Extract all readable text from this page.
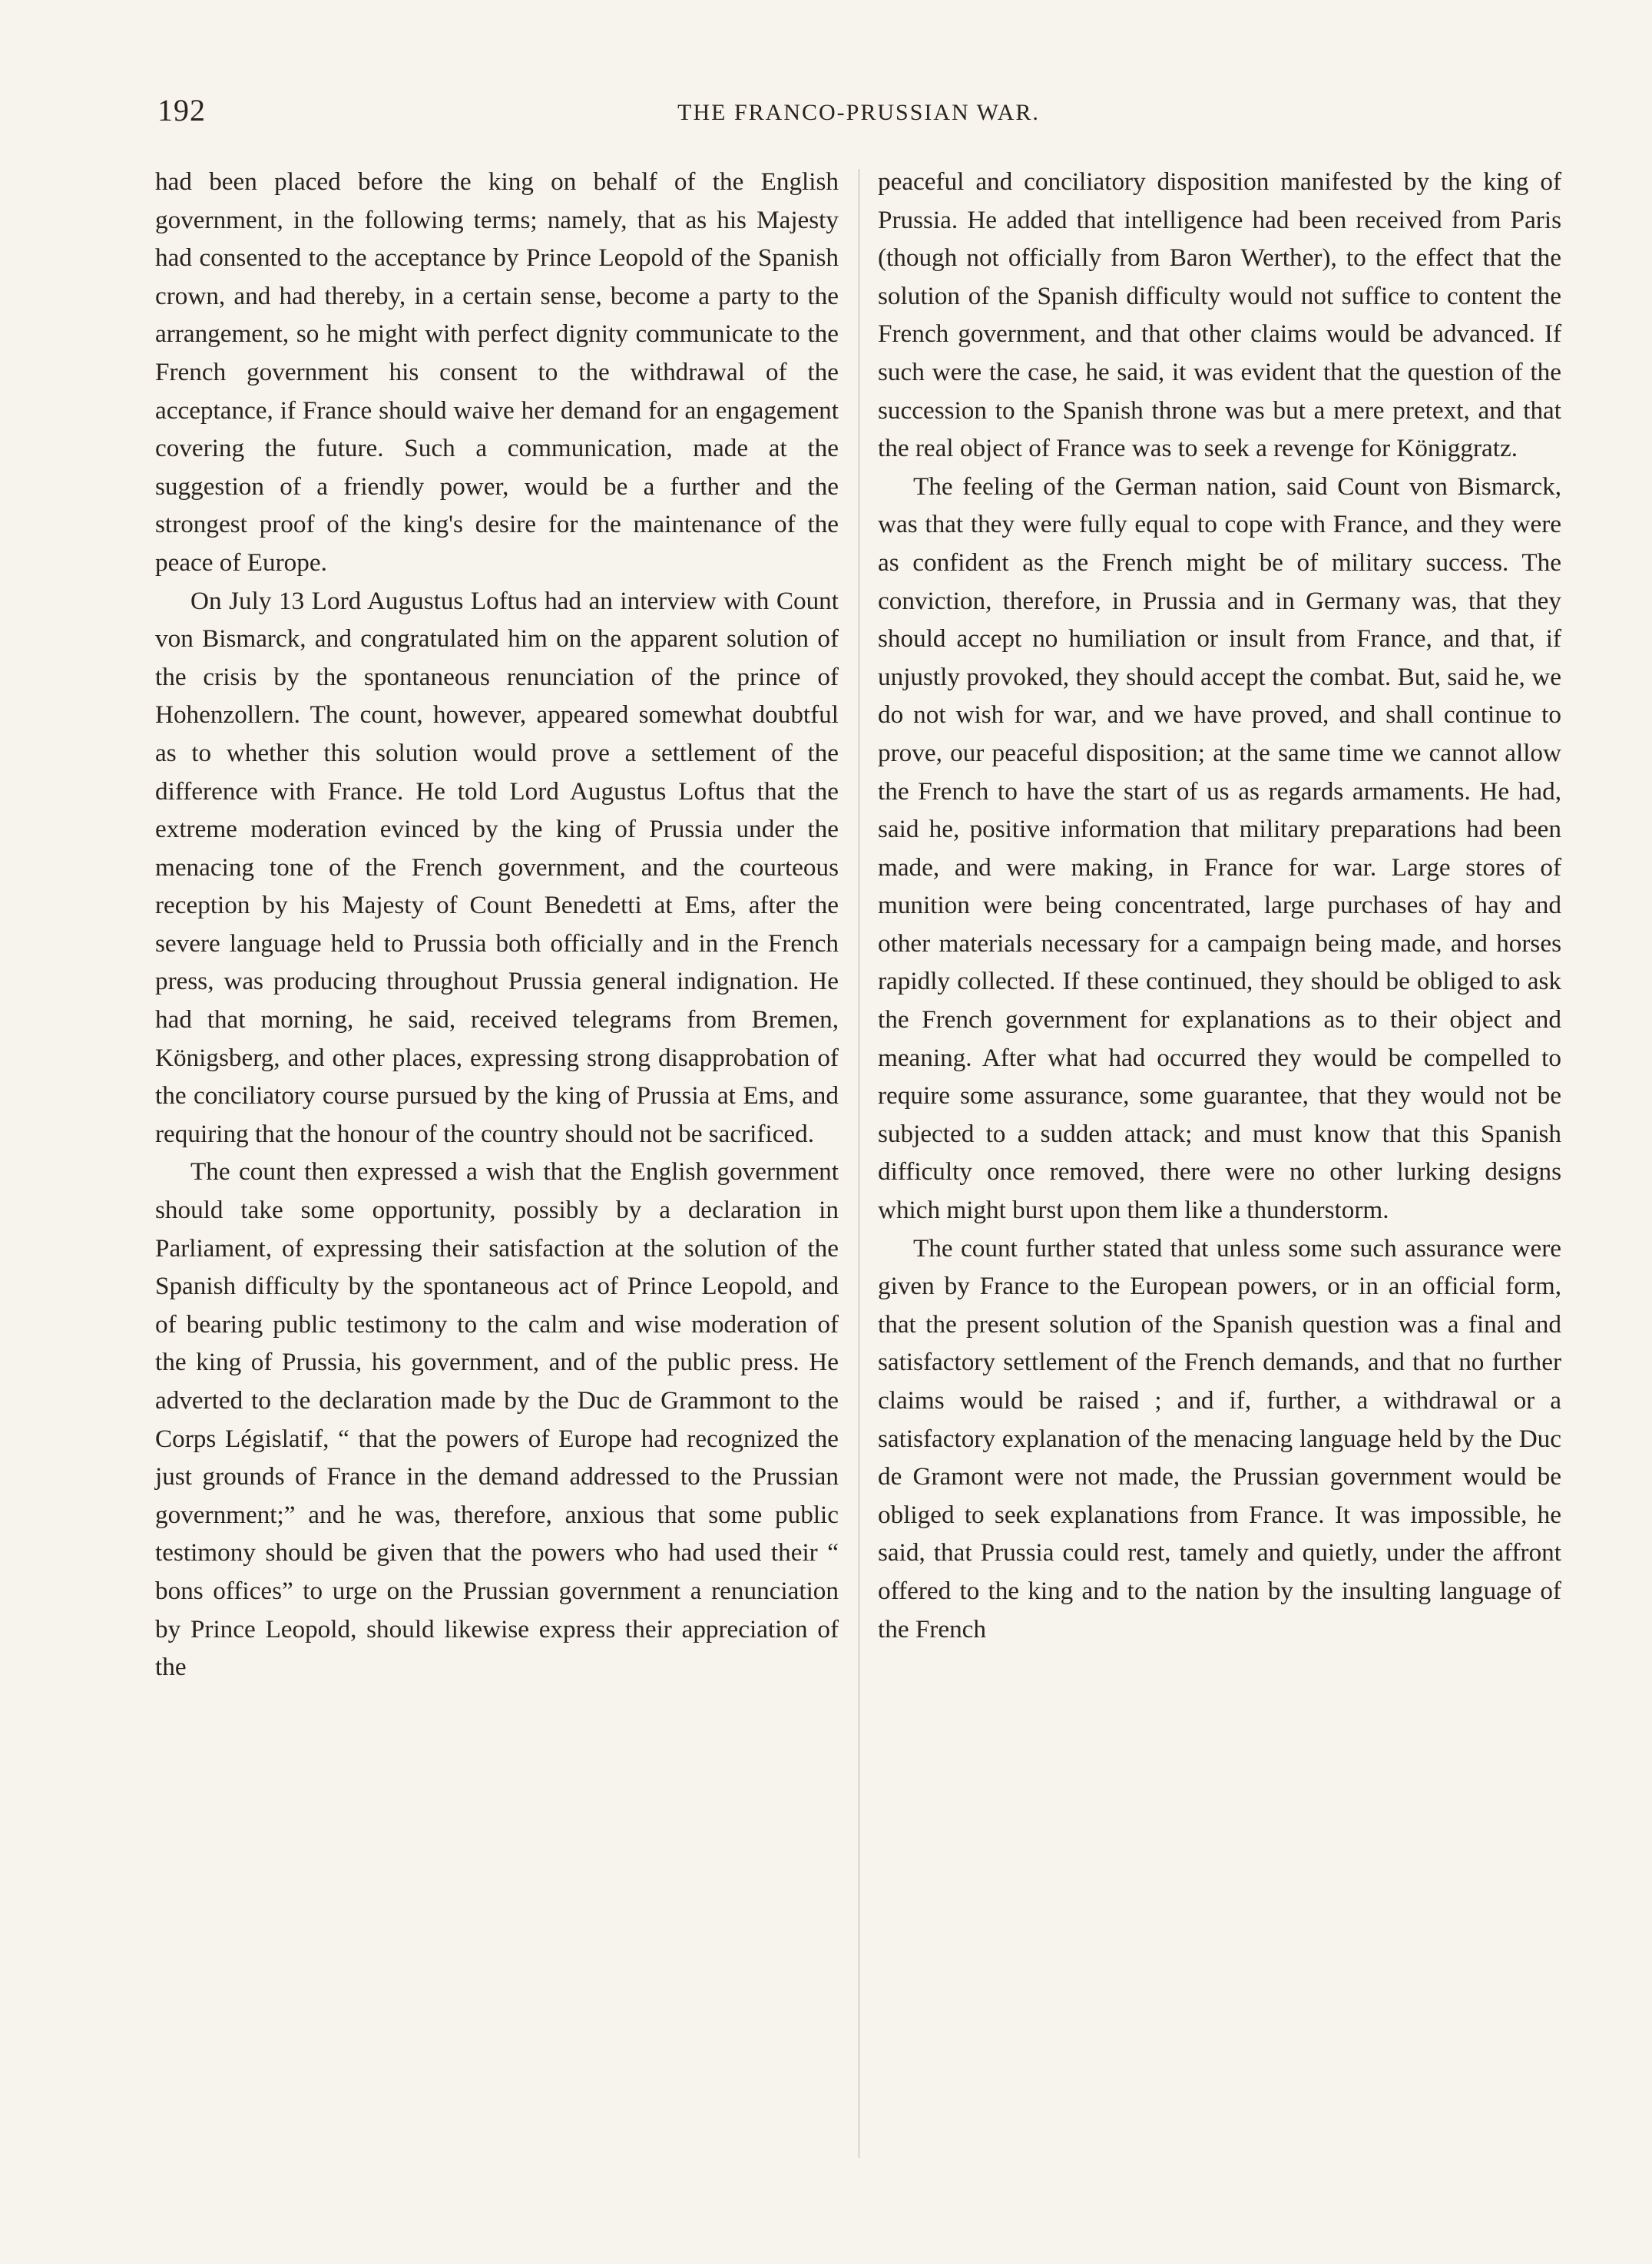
192	THE FRANCO-PRUSSIAN WAR.

had been placed before the king on behalf of the English government, in the following terms; namely, that as his Majesty had consented to the acceptance by Prince Leopold of the Spanish crown, and had thereby, in a certain sense, become a party to the arrangement, so he might with perfect dignity communicate to the French government his consent to the withdrawal of the acceptance, if France should waive her demand for an engagement covering the future. Such a communication, made at the suggestion of a friendly power, would be a further and the strongest proof of the king's desire for the maintenance of the peace of Europe.

On July 13 Lord Augustus Loftus had an interview with Count von Bismarck, and congratulated him on the apparent solution of the crisis by the spontaneous renunciation of the prince of Hohenzollern. The count, however, appeared somewhat doubtful as to whether this solution would prove a settlement of the difference with France. He told Lord Augustus Loftus that the extreme moderation evinced by the king of Prussia under the menacing tone of the French government, and the courteous reception by his Majesty of Count Benedetti at Ems, after the severe language held to Prussia both officially and in the French press, was producing throughout Prussia general indignation. He had that morning, he said, received telegrams from Bremen, Königsberg, and other places, expressing strong disapprobation of the conciliatory course pursued by the king of Prussia at Ems, and requiring that the honour of the country should not be sacrificed.

The count then expressed a wish that the English government should take some opportunity, possibly by a declaration in Parliament, of expressing their satisfaction at the solution of the Spanish difficulty by the spontaneous act of Prince Leopold, and of bearing public testimony to the calm and wise moderation of the king of Prussia, his government, and of the public press. He adverted to the declaration made by the Duc de Grammont to the Corps Législatif, “ that the powers of Europe had recognized the just grounds of France in the demand addressed to the Prussian government;” and he was, therefore, anxious that some public testimony should be given that the powers who had used their “ bons offices” to urge on the Prussian government a renunciation by Prince Leopold, should likewise express their appreciation of the

peaceful and conciliatory disposition manifested by the king of Prussia. He added that intelligence had been received from Paris (though not officially from Baron Werther), to the effect that the solution of the Spanish difficulty would not suffice to content the French government, and that other claims would be advanced. If such were the case, he said, it was evident that the question of the succession to the Spanish throne was but a mere pretext, and that the real object of France was to seek a revenge for Königgratz.

The feeling of the German nation, said Count von Bismarck, was that they were fully equal to cope with France, and they were as confident as the French might be of military success. The conviction, therefore, in Prussia and in Germany was, that they should accept no humiliation or insult from France, and that, if unjustly provoked, they should accept the combat. But, said he, we do not wish for war, and we have proved, and shall continue to prove, our peaceful disposition; at the same time we cannot allow the French to have the start of us as regards armaments. He had, said he, positive information that military preparations had been made, and were making, in France for war. Large stores of munition were being concentrated, large purchases of hay and other materials necessary for a campaign being made, and horses rapidly collected. If these continued, they should be obliged to ask the French government for explanations as to their object and meaning. After what had occurred they would be compelled to require some assurance, some guarantee, that they would not be subjected to a sudden attack; and must know that this Spanish difficulty once removed, there were no other lurking designs which might burst upon them like a thunderstorm.

The count further stated that unless some such assurance were given by France to the European powers, or in an official form, that the present solution of the Spanish question was a final and satisfactory settlement of the French demands, and that no further claims would be raised ; and if, further, a withdrawal or a satisfactory explanation of the menacing language held by the Duc de Gramont were not made, the Prussian government would be obliged to seek explanations from France. It was impossible, he said, that Prussia could rest, tamely and quietly, under the affront offered to the king and to the nation by the insulting language of the French
